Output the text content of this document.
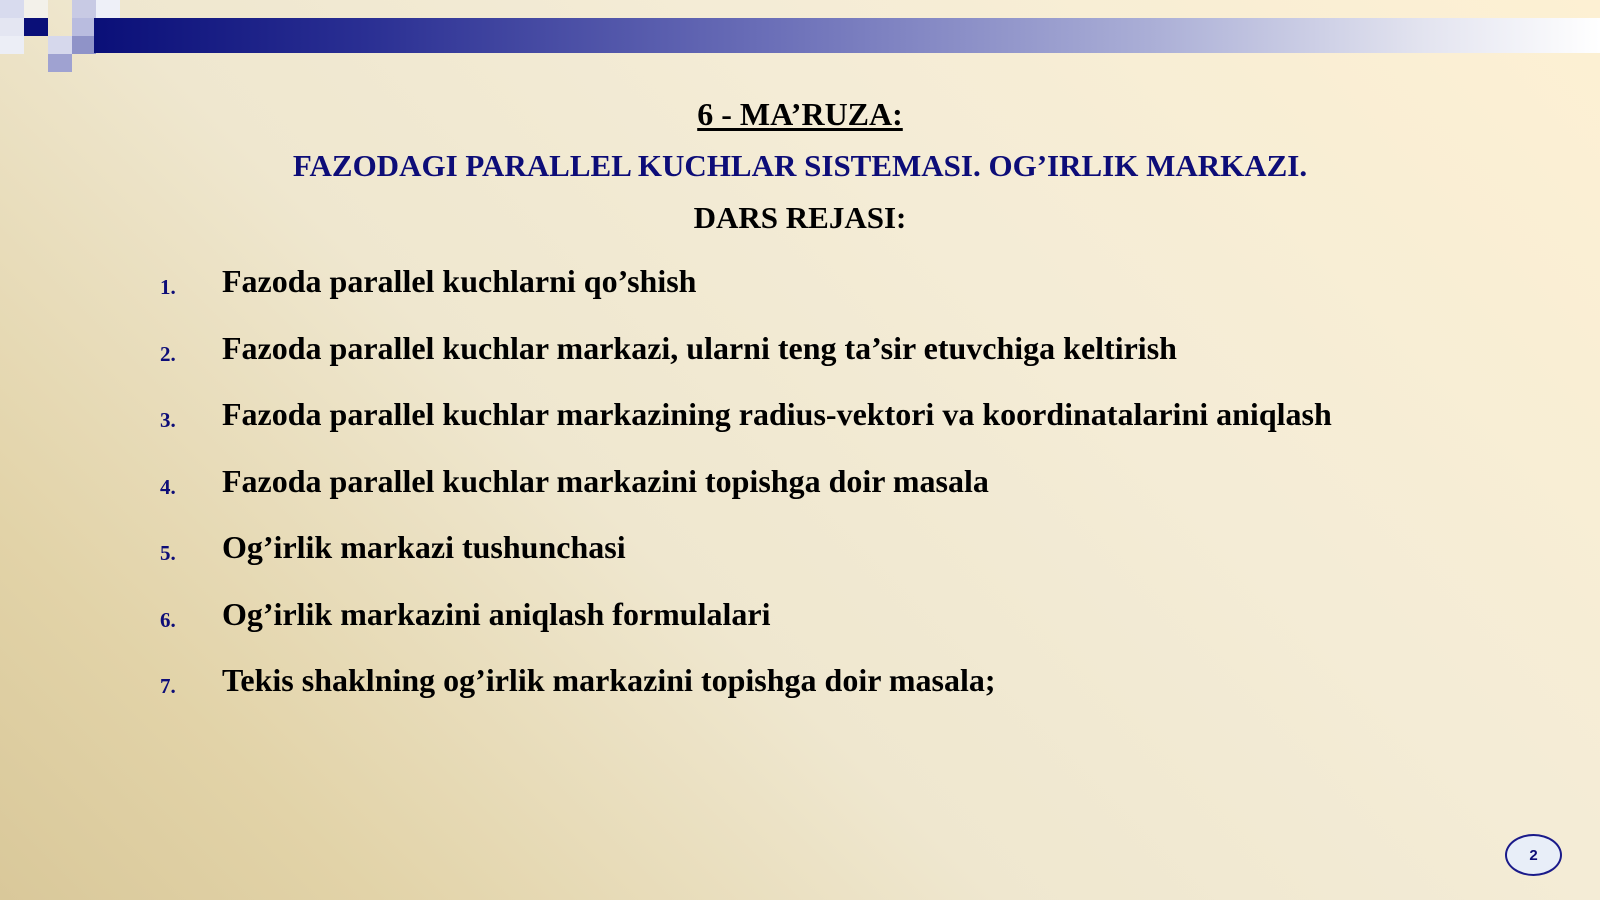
6 - MA’RUZA:
FAZODAGI PARALLEL KUCHLAR SISTEMASI. OG’IRLIK MARKAZI.
DARS REJASI:
1.	Fazoda parallel kuchlarni qo’shish
2.	Fazoda parallel kuchlar markazi, ularni teng ta’sir etuvchiga keltirish
3.	Fazoda parallel kuchlar markazining radius-vektori va koordinatalarini aniqlash
4.	Fazoda parallel kuchlar markazini topishga doir masala
5.	Og’irlik markazi tushunchasi
6.	Og’irlik markazini aniqlash formulalari
7.	Tekis shaklning og’irlik markazini topishga doir masala;
2
